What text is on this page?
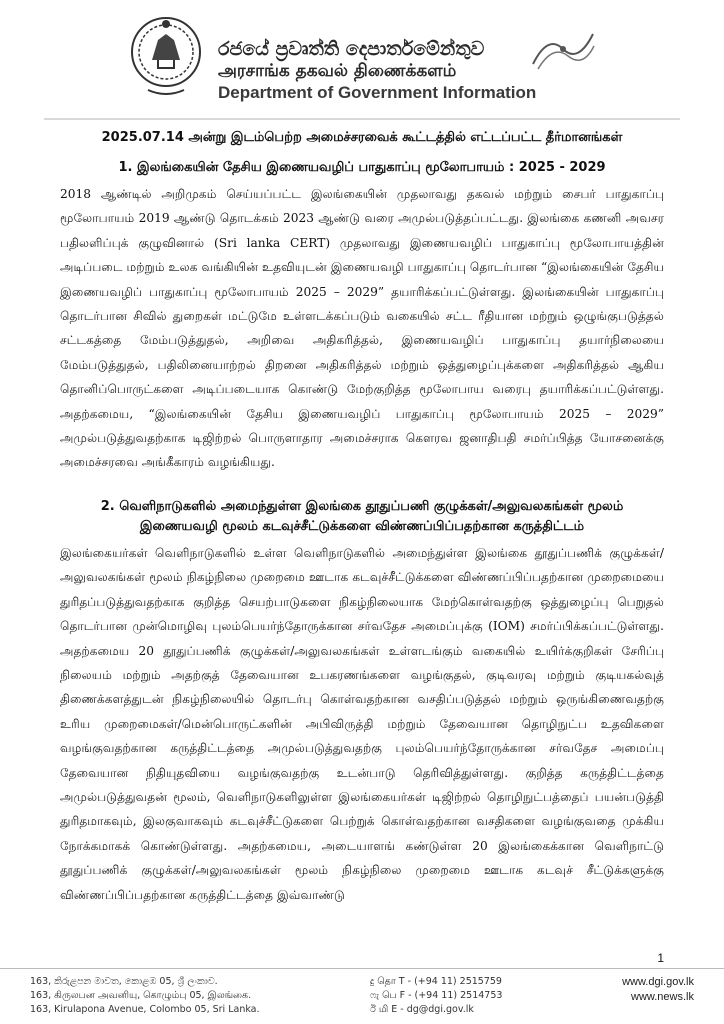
රජයේ ප්‍රවෘත්ති දෙපාර්තමේන්තුව
அரசாங்க தகவல் திணைக்களம்
Department of Government Information
2025.07.14 அன்று இடம்பெற்ற அமைச்சரவைக் கூட்டத்தில் எட்டப்பட்ட தீர்மானங்கள்
1. இலங்கையின் தேசிய இணையவழிப் பாதுகாப்பு மூலோபாயம் : 2025 - 2029
2018 ஆண்டில் அறிமுகம் செய்யப்பட்ட இலங்கையின் முதலாவது தகவல் மற்றும் சைபர் பாதுகாப்பு மூலோபாயம் 2019 ஆண்டு தொடக்கம் 2023 ஆண்டு வரை அமுல்படுத்தப்பட்டது. இலங்கை கணனி அவசர பதிலளிப்புக் குழுவினால் (Sri lanka CERT) முதலாவது இணையவழிப் பாதுகாப்பு மூலோபாயத்தின் அடிப்படை மற்றும் உலக வங்கியின் உதவியுடன் இணையவழி பாதுகாப்பு தொடர்பான “இலங்கையின் தேசிய இணையவழிப் பாதுகாப்பு மூலோபாயம் 2025 – 2029” தயாரிக்கப்பட்டுள்ளது. இலங்கையின் பாதுகாப்பு தொடர்பான சிவில் துறைகள் மட்டுமே உள்ளடக்கப்படும் வகையில் சட்ட ரீதியான மற்றும் ஒழுங்குபடுத்தல் சட்டகத்தை மேம்படுத்துதல், அறிவை அதிகரித்தல், இணையவழிப் பாதுகாப்பு தயார்நிலையை மேம்படுத்துதல், பதிலினையாற்றல் திறனை அதிகரித்தல் மற்றும் ஒத்துழைப்புக்களை அதிகரித்தல் ஆகிய தொனிப்பொருட்களை அடிப்படையாக கொண்டு மேற்குறித்த மூலோபாய வரைபு தயாரிக்கப்பட்டுள்ளது. அதற்கமைய, “இலங்கையின் தேசிய இணையவழிப் பாதுகாப்பு மூலோபாயம் 2025 – 2029” அமுல்படுத்துவதற்காக டிஜிற்றல் பொருளாதார அமைச்சராக கௌரவ ஜனாதிபதி சமர்ப்பித்த யோசனைக்கு அமைச்சரவை அங்கீகாரம் வழங்கியது.
2. வெளிநாடுகளில் அமைந்துள்ள இலங்கை தூதுப்பணி குழுக்கள்/அலுவலகங்கள் மூலம் இணையவழி மூலம் கடவுச்சீட்டுக்களை விண்ணப்பிப்பதற்கான கருத்திட்டம்
இலங்கையர்கள் வெளிநாடுகளில் உள்ள வெளிநாடுகளில் அமைந்துள்ள இலங்கை தூதுப்பணிக் குழுக்கள்/அலுவலகங்கள் மூலம் நிகழ்நிலை முறைமை ஊடாக கடவுச்சீட்டுக்களை விண்ணப்பிப்பதற்கான முறைமையை துரிதப்படுத்துவதற்காக குறித்த செயற்பாடுகளை நிகழ்நிலையாக மேற்கொள்வதற்கு ஒத்துழைப்பு பெறுதல் தொடர்பான முன்மொழிவு புலம்பெயர்ந்தோருக்கான சர்வதேச அமைப்புக்கு (IOM) சமர்ப்பிக்கப்பட்டுள்ளது. அதற்கமைய 20 தூதுப்பணிக் குழுக்கள்/அலுவலகங்கள் உள்ளடங்கும் வகையில் உயிர்க்குறிகள் சேரிப்பு நிலையம் மற்றும் அதற்குத் தேவையான உபகரணங்களை வழங்குதல், குடிவரவு மற்றும் குடியகல்வுத் திணைக்களத்துடன் நிகழ்நிலையில் தொடர்பு கொள்வதற்கான வசதிப்படுத்தல் மற்றும் ஒருங்கிணைவதற்கு உரிய முறைமைகள்/மென்பொருட்களின் அபிவிருத்தி மற்றும் தேவையான தொழிநுட்ப உதவிகளை வழங்குவதற்கான கருத்திட்டத்தை அமுல்படுத்துவதற்கு புலம்பெயர்ந்தோருக்கான சர்வதேச அமைப்பு தேவையான நிதியுதவியை வழங்குவதற்கு உடன்பாடு தெரிவித்துள்ளது. குறித்த கருத்திட்டத்தை அமுல்படுத்துவதன் மூலம், வெளிநாடுகளிலுள்ள இலங்கையர்கள் டிஜிற்றல் தொழிநுட்பத்தைப் பயன்படுத்தி துரிதமாகவும், இலகுவாகவும் கடவுச்சீட்டுகளை பெற்றுக் கொள்வதற்கான வசதிகளை வழங்குவதை முக்கிய நோக்கமாகக் கொண்டுள்ளது. அதற்கமைய, அடையாளங் கண்டுள்ள 20 இலங்கைக்கான வெளிநாட்டு தூதுப்பணிக் குழுக்கள்/அலுவலகங்கள் மூலம் நிகழ்நிலை முறைமை ஊடாக கடவுச் சீட்டுக்களுக்கு விண்ணப்பிப்பதற்கான கருத்திட்டத்தை இவ்வாண்டு
1
163, කිරුළපන මාවත, කොළඹ 05, ශ්‍රී ලංකාව.
163, கிருலபன அவனியு, கொழும்பு 05, இலங்கை.
163, Kirulapona Avenue, Colombo 05, Sri Lanka.
දු தொ T - (+94 11) 2515759
ෆැ பெ F - (+94 11) 2514753
ඊ மி E - dg@dgi.gov.lk
www.dgi.gov.lk
www.news.lk
